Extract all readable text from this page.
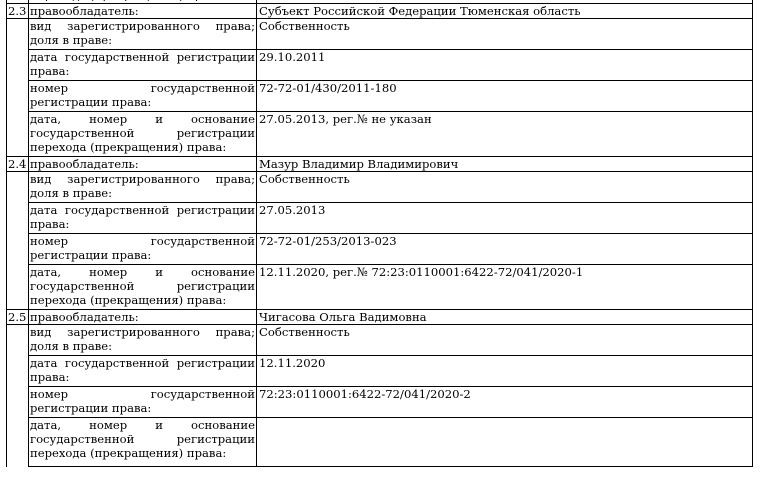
2.3	правообладатель:	Субъект Российской Федерации Тюменская область
	вид зарегистрированного права; доля в праве:	Собственность
	дата государственной регистрации права:	29.10.2011
	номер государственной регистрации права:	72-72-01/430/2011-180
	дата, номер и основание государственной регистрации перехода (прекращения) права:	27.05.2013, рег.№ не указан
2.4	правообладатель:	Мазур Владимир Владимирович
	вид зарегистрированного права; доля в праве:	Собственность
	дата государственной регистрации права:	27.05.2013
	номер государственной регистрации права:	72-72-01/253/2013-023
	дата, номер и основание государственной регистрации перехода (прекращения) права:	12.11.2020, рег.№ 72:23:0110001:6422-72/041/2020-1
2.5	правообладатель:	Чигасова Ольга Вадимовна
	вид зарегистрированного права; доля в праве:	Собственность
	дата государственной регистрации права:	12.11.2020
	номер государственной регистрации права:	72:23:0110001:6422-72/041/2020-2
	дата, номер и основание государственной регистрации перехода (прекращения) права:	
